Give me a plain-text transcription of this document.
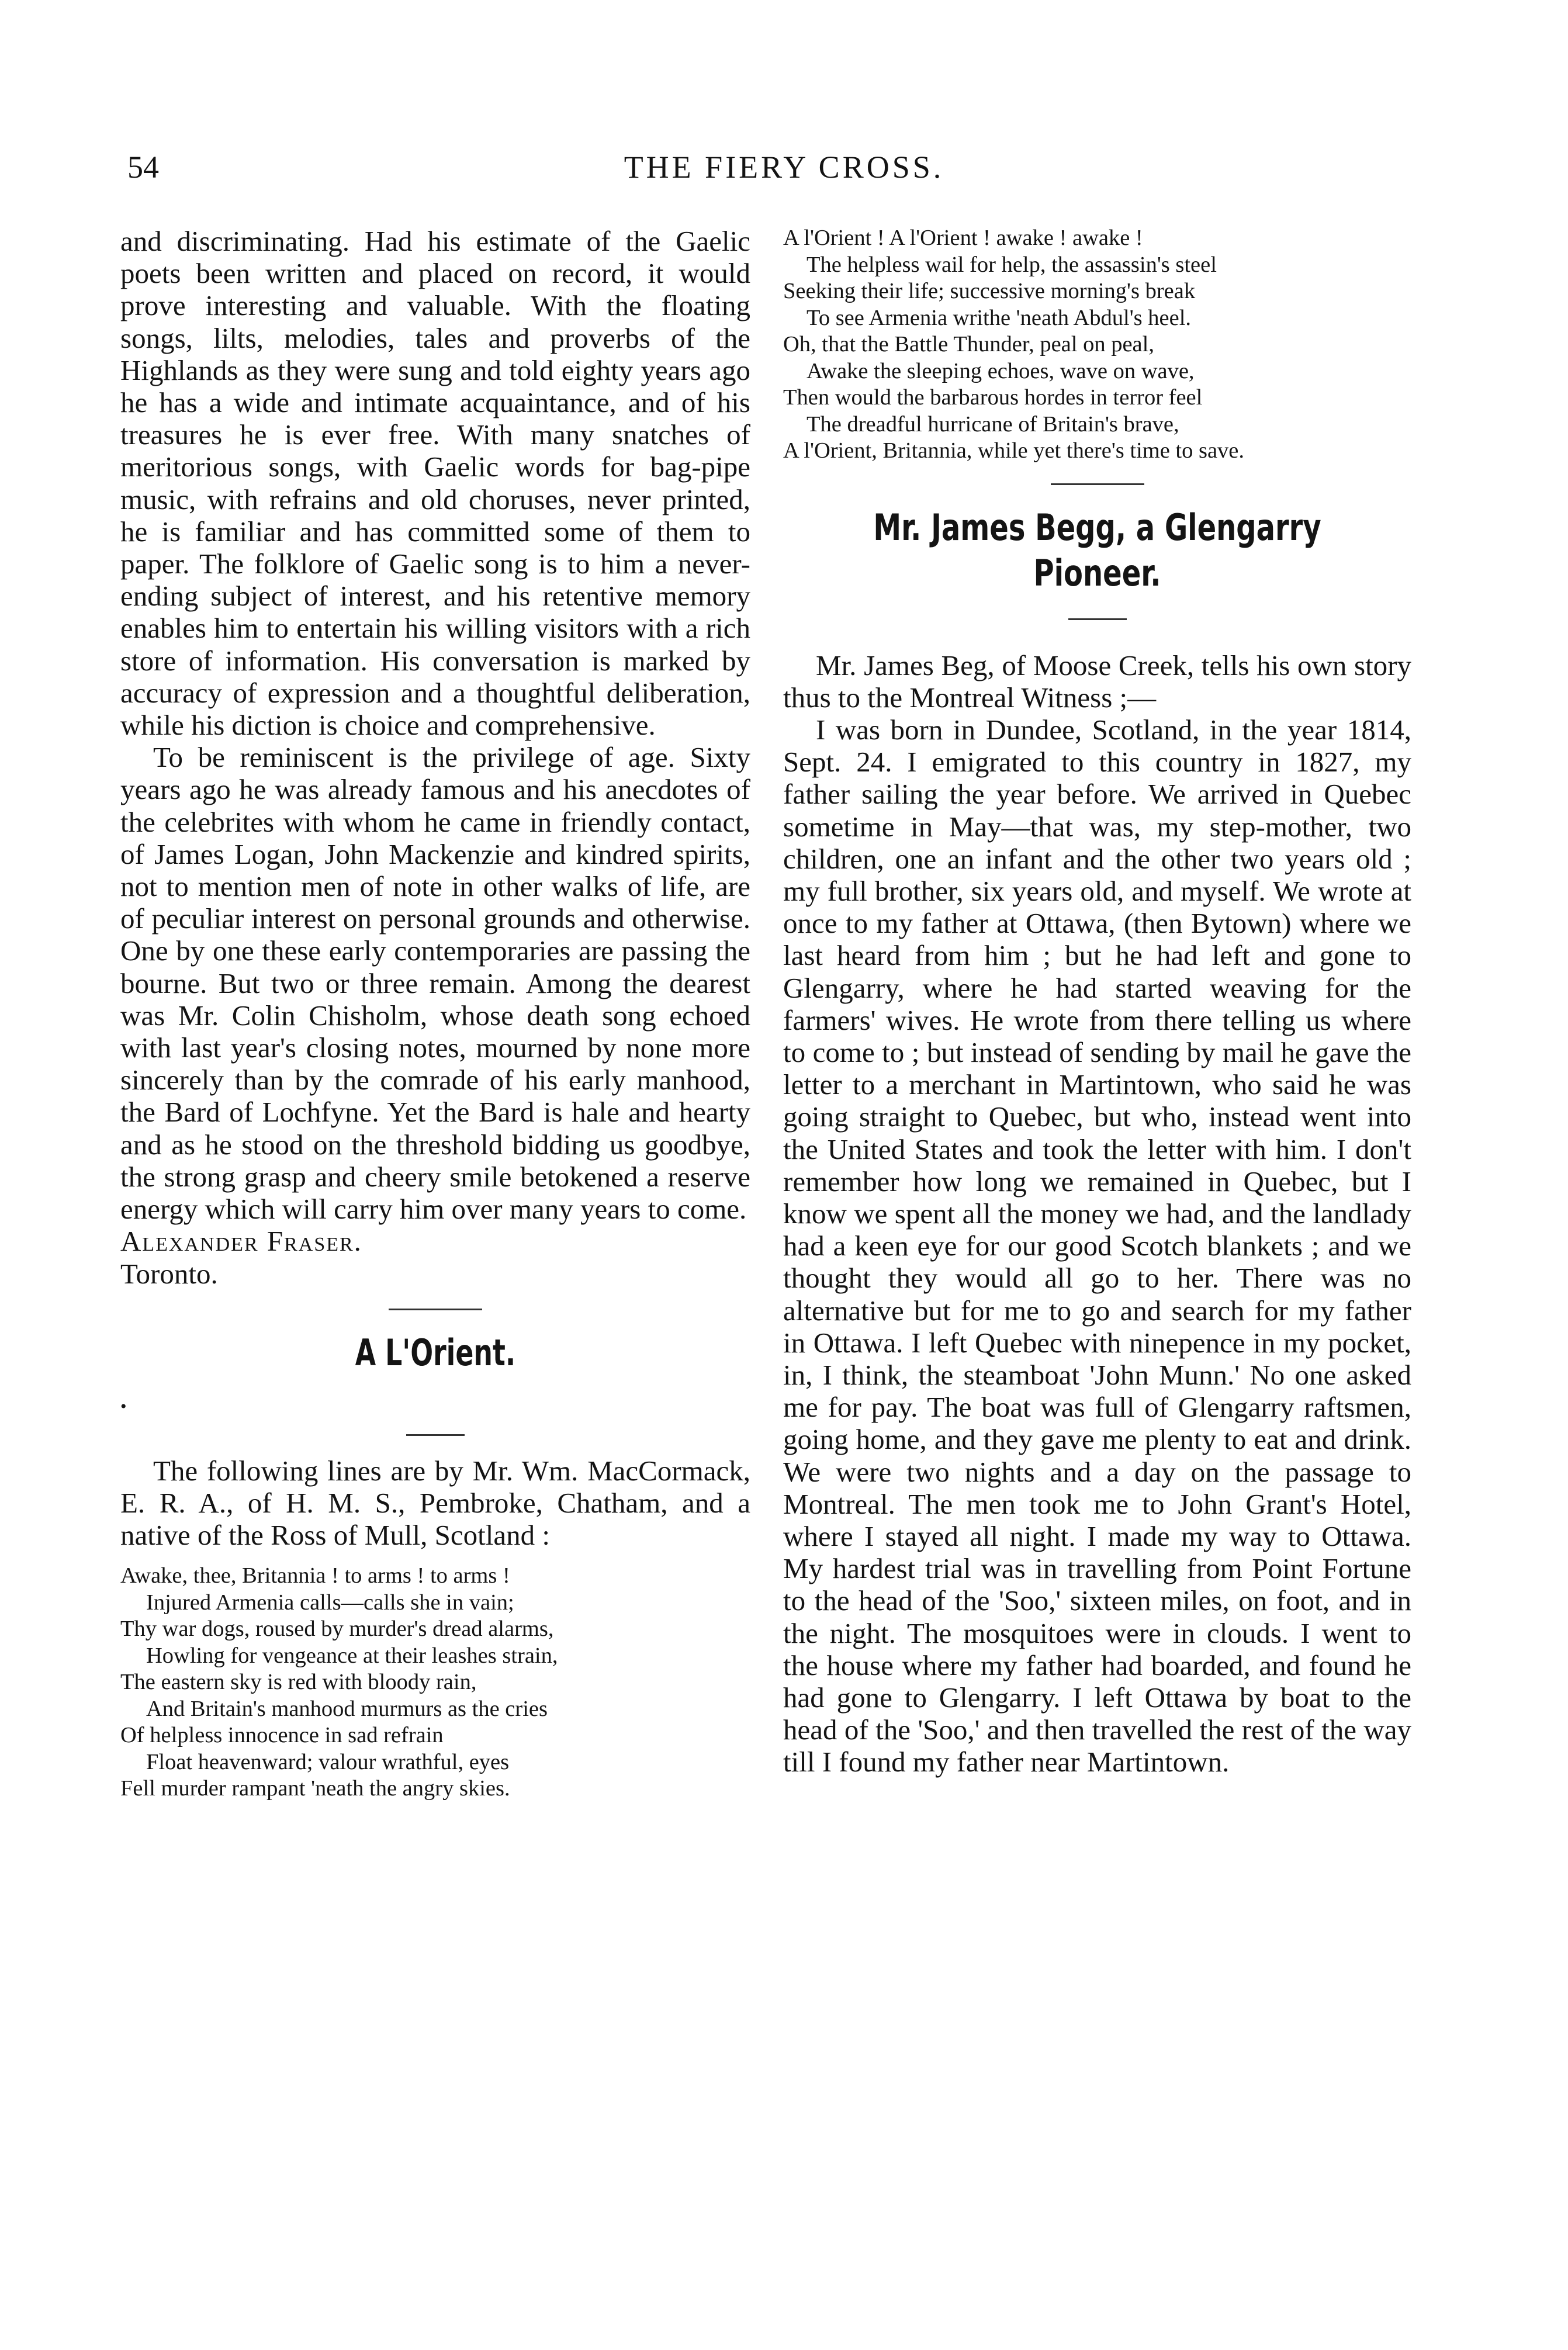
54	THE FIERY CROSS.

and discriminating. Had his estimate of the Gaelic poets been written and placed on record, it would prove interesting and valuable. With the floating songs, lilts, melodies, tales and proverbs of the Highlands as they were sung and told eighty years ago he has a wide and intimate acquaintance, and of his treasures he is ever free. With many snatches of meritorious songs, with Gaelic words for bag-pipe music, with refrains and old choruses, never printed, he is familiar and has committed some of them to paper. The folklore of Gaelic song is to him a never-ending subject of interest, and his retentive memory enables him to entertain his willing visitors with a rich store of information. His conversation is marked by accuracy of expression and a thoughtful deliberation, while his diction is choice and comprehensive.

To be reminiscent is the privilege of age. Sixty years ago he was already famous and his anecdotes of the celebrites with whom he came in friendly contact, of James Logan, John Mackenzie and kindred spirits, not to mention men of note in other walks of life, are of peculiar interest on personal grounds and otherwise. One by one these early contemporaries are passing the bourne. But two or three remain. Among the dearest was Mr. Colin Chisholm, whose death song echoed with last year's closing notes, mourned by none more sincerely than by the comrade of his early manhood, the Bard of Lochfyne. Yet the Bard is hale and hearty and as he stood on the threshold bidding us goodbye, the strong grasp and cheery smile betokened a reserve energy which will carry him over many years to come.

Alexander Fraser.

Toronto.

A L'Orient.

•

The following lines are by Mr. Wm. MacCormack, E. R. A., of H. M. S., Pembroke, Chatham, and a native of the Ross of Mull, Scotland :

Awake, thee, Britannia ! to arms ! to arms !
Injured Armenia calls—calls she in vain;
Thy war dogs, roused by murder's dread alarms,
Howling for vengeance at their leashes strain,
The eastern sky is red with bloody rain,
And Britain's manhood murmurs as the cries
Of helpless innocence in sad refrain
Float heavenward; valour wrathful, eyes
Fell murder rampant 'neath the angry skies.
A l'Orient ! A l'Orient ! awake ! awake !
The helpless wail for help, the assassin's steel
Seeking their life; successive morning's break
To see Armenia writhe 'neath Abdul's heel.
Oh, that the Battle Thunder, peal on peal,
Awake the sleeping echoes, wave on wave,
Then would the barbarous hordes in terror feel
The dreadful hurricane of Britain's brave,
A l'Orient, Britannia, while yet there's time to save.
Mr. James Begg, a Glengarry Pioneer.

Mr. James Beg, of Moose Creek, tells his own story thus to the Montreal Witness ;—

I was born in Dundee, Scotland, in the year 1814, Sept. 24. I emigrated to this country in 1827, my father sailing the year before. We arrived in Quebec sometime in May—that was, my step-mother, two children, one an infant and the other two years old ; my full brother, six years old, and myself. We wrote at once to my father at Ottawa, (then Bytown) where we last heard from him ; but he had left and gone to Glengarry, where he had started weaving for the farmers' wives. He wrote from there telling us where to come to ; but instead of sending by mail he gave the letter to a merchant in Martintown, who said he was going straight to Quebec, but who, instead went into the United States and took the letter with him. I don't remember how long we remained in Quebec, but I know we spent all the money we had, and the landlady had a keen eye for our good Scotch blankets ; and we thought they would all go to her. There was no alternative but for me to go and search for my father in Ottawa. I left Quebec with ninepence in my pocket, in, I think, the steamboat 'John Munn.' No one asked me for pay. The boat was full of Glengarry raftsmen, going home, and they gave me plenty to eat and drink. We were two nights and a day on the passage to Montreal. The men took me to John Grant's Hotel, where I stayed all night. I made my way to Ottawa. My hardest trial was in travelling from Point Fortune to the head of the 'Soo,' sixteen miles, on foot, and in the night. The mosquitoes were in clouds. I went to the house where my father had boarded, and found he had gone to Glengarry. I left Ottawa by boat to the head of the 'Soo,' and then travelled the rest of the way till I found my father near Martintown.
